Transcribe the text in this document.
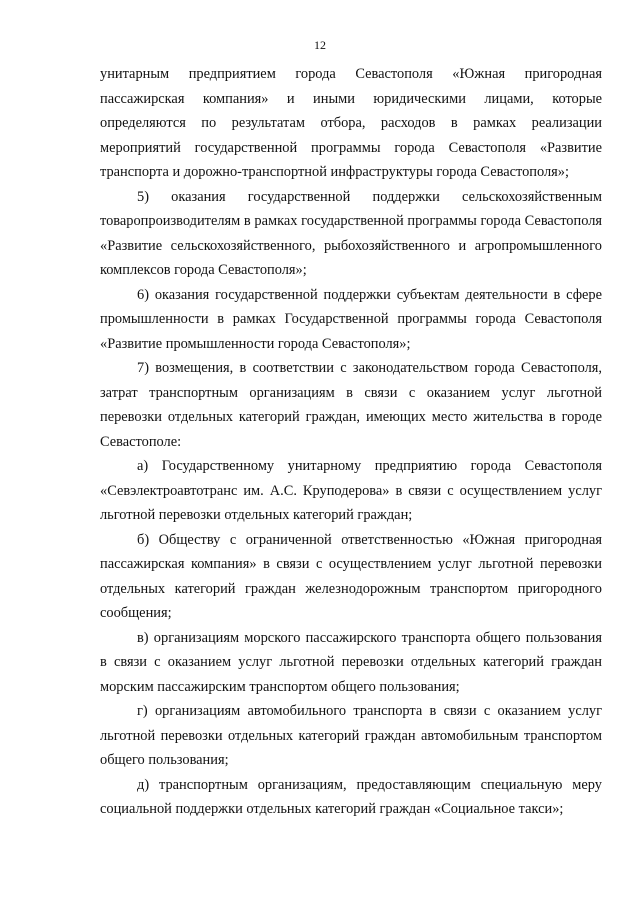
12

унитарным предприятием города Севастополя «Южная пригородная пассажирская компания» и иными юридическими лицами, которые определяются по результатам отбора, расходов в рамках реализации мероприятий государственной программы города Севастополя «Развитие транспорта и дорожно-транспортной инфраструктуры города Севастополя»;

5) оказания государственной поддержки сельскохозяйственным товаропроизводителям в рамках государственной программы города Севастополя «Развитие сельскохозяйственного, рыбохозяйственного и агропромышленного комплексов города Севастополя»;

6) оказания государственной поддержки субъектам деятельности в сфере промышленности в рамках Государственной программы города Севастополя «Развитие промышленности города Севастополя»;

7) возмещения, в соответствии с законодательством города Севастополя, затрат транспортным организациям в связи с оказанием услуг льготной перевозки отдельных категорий граждан, имеющих место жительства в городе Севастополе:

а) Государственному унитарному предприятию города Севастополя «Севэлектроавтотранс им. А.С. Круподерова» в связи с осуществлением услуг льготной перевозки отдельных категорий граждан;

б) Обществу с ограниченной ответственностью «Южная пригородная пассажирская компания» в связи с осуществлением услуг льготной перевозки отдельных категорий граждан железнодорожным транспортом пригородного сообщения;

в) организациям морского пассажирского транспорта общего пользования в связи с оказанием услуг льготной перевозки отдельных категорий граждан морским пассажирским транспортом общего пользования;

г) организациям автомобильного транспорта в связи с оказанием услуг льготной перевозки отдельных категорий граждан автомобильным транспортом общего пользования;

д) транспортным организациям, предоставляющим специальную меру социальной поддержки отдельных категорий граждан «Социальное такси»;
